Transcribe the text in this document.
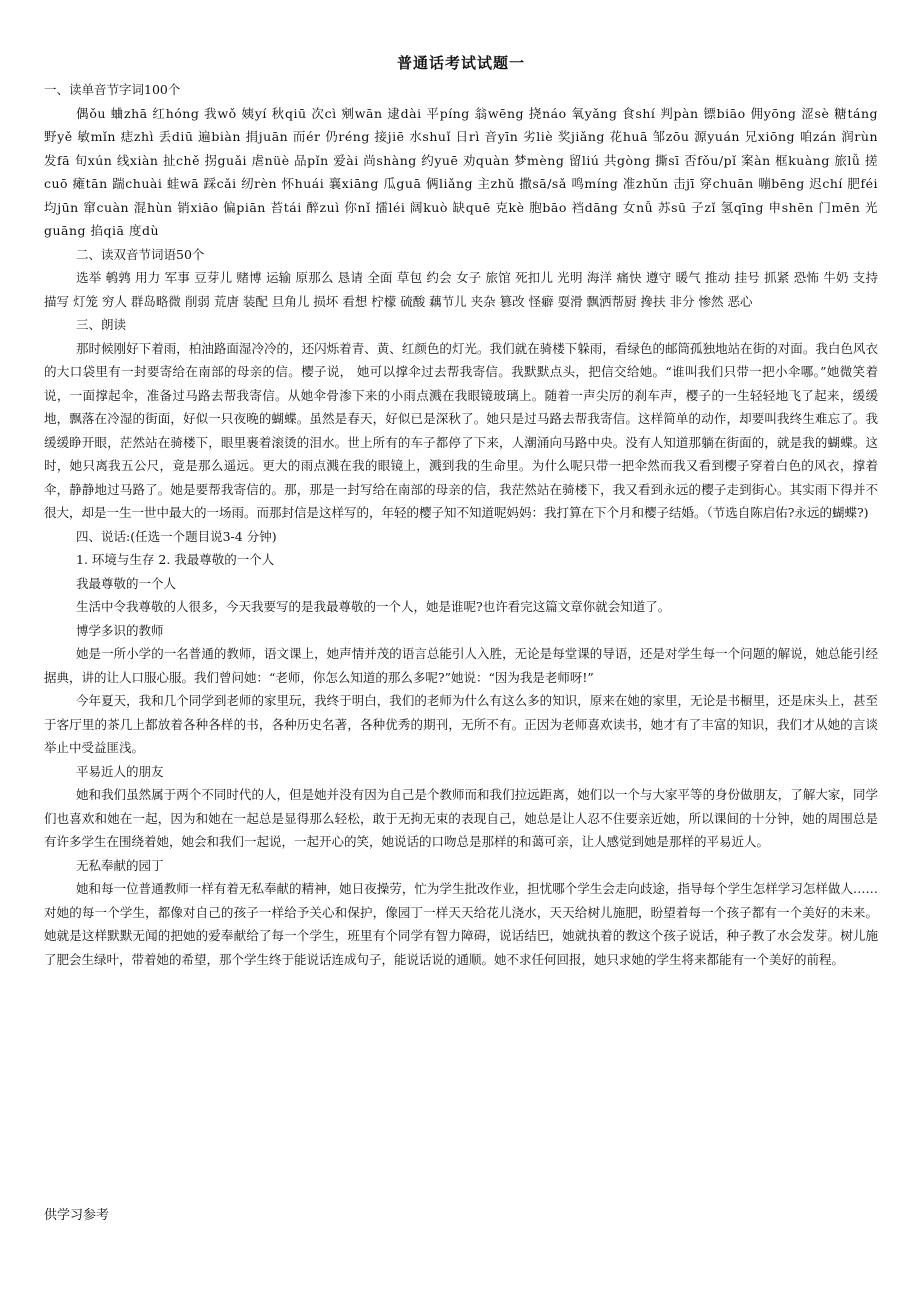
普通话考试试题一
一、读单音节字词100个
偶ǒu 蛐zhā 红hóng 我wǒ 姨yí 秋qiū 次cì 剜wān 逮dài 平píng 翁wēng 挠náo 氧yǎng 食shí 判pàn 镖biāo 佣yōng 涩sè 糖táng 野yě 敏mǐn 痣zhì 丢diū 遍biàn 捐juān 而ér 仍réng 接jiē 水shuǐ 日rì 音yīn 劣liè 奖jiǎng 花huā 邹zōu 源yuán 兄xiōng 咱zán 润rùn 发fā 旬xún 线xiàn 扯chě 拐guǎi 虐nüè 品pǐn 爱ài 尚shàng 约yuē 劝quàn 梦mèng 留liú 共gòng 撕sī 否fǒu/pǐ 案àn 框kuàng 旅lǚ 搓cuō 瘫tān 踹chuài 蛙wā 踩cǎi 纫rèn 怀huái 襄xiāng 瓜guā 俩liǎng 主zhǔ 撒sā/sǎ 鸣míng 准zhǔn 击jī 穿chuān 嘣bēng 迟chí 肥féi 均jūn 窜cuàn 混hùn 销xiāo 偏piān 苔tái 醉zuì 你nǐ 擂léi 阔kuò 缺quē 克kè 胞bāo 裆dāng 女nǚ 苏sū 子zǐ 氢qīng 申shēn 门mēn 光guāng 掐qiā 度dù
二、读双音节词语50个
选举 鹌鹑 用力 军事 豆芽儿 赌博 运输 原那么 恳请 全面 草包 约会 女子 旅馆 死扣儿 光明 海洋 痛快 遵守 暖气 推动 挂号 抓紧 恐怖 牛奶 支持 描写 灯笼 穷人 群岛略微 削弱 荒唐 装配 旦角儿 损坏 看想 柠檬 硫酸 藕节儿 夹杂 篡改 怪癖 耍滑 飘洒帮厨 搀扶 非分 惨然 恶心
三、朗读
那时候刚好下着雨，柏油路面湿冷冷的，还闪烁着青、黄、红颜色的灯光。我们就在骑楼下躲雨，看绿色的邮筒孤独地站在街的对面。我白色风衣的大口袋里有一封要寄给在南部的母亲的信。樱子说， 她可以撑伞过去帮我寄信。我默默点头，把信交给她。“谁叫我们只带一把小伞哪。”她微笑着说，一面撑起伞，准备过马路去帮我寄信。从她伞骨渗下来的小雨点溅在我眼镜玻璃上。随着一声尖厉的刹车声，樱子的一生轻轻地飞了起来，缓缓地，飘落在冷湿的街面，好似一只夜晚的蝴蝶。虽然是春天，好似已是深秋了。她只是过马路去帮我寄信。这样简单的动作，却要叫我终生难忘了。我缓缓睁开眼，茫然站在骑楼下，眼里裹着滚烫的泪水。世上所有的车子都停了下来，人潮涌向马路中央。没有人知道那躺在街面的，就是我的蝴蝶。这时，她只离我五公尺，竟是那么遥远。更大的雨点溅在我的眼镜上，溅到我的生命里。为什么呢只带一把伞然而我又看到樱子穿着白色的风衣，撑着伞，静静地过马路了。她是要帮我寄信的。那，那是一封写给在南部的母亲的信，我茫然站在骑楼下，我又看到永远的樱子走到街心。其实雨下得并不很大，却是一生一世中最大的一场雨。而那封信是这样写的，年轻的樱子知不知道呢妈妈：我打算在下个月和樱子结婚。（节选自陈启佑?永远的蝴蝶?)
四、说话:(任选一个题目说3-4 分钟)
1. 环境与生存 2. 我最尊敬的一个人
我最尊敬的一个人
生活中令我尊敬的人很多，今天我要写的是我最尊敬的一个人，她是谁呢?也许看完这篇文章你就会知道了。
博学多识的教师
她是一所小学的一名普通的教师，语文课上，她声情并茂的语言总能引人入胜，无论是每堂课的导语，还是对学生每一个问题的解说，她总能引经据典，讲的让人口服心服。我们曾问她：“老师，你怎么知道的那么多呢?”她说：“因为我是老师呀!”
今年夏天，我和几个同学到老师的家里玩，我终于明白，我们的老师为什么有这么多的知识，原来在她的家里，无论是书橱里，还是床头上，甚至于客厅里的茶几上都放着各种各样的书，各种历史名著，各种优秀的期刊，无所不有。正因为老师喜欢读书，她才有了丰富的知识，我们才从她的言谈举止中受益匪浅。
平易近人的朋友
她和我们虽然属于两个不同时代的人，但是她并没有因为自己是个教师而和我们拉远距离，她们以一个与大家平等的身份做朋友，了解大家，同学们也喜欢和她在一起，因为和她在一起总是显得那么轻松，敢于无拘无束的表现自己，她总是让人忍不住要亲近她，所以课间的十分钟，她的周围总是有许多学生在围绕着她，她会和我们一起说，一起开心的笑，她说话的口吻总是那样的和蔼可亲，让人感觉到她是那样的平易近人。
无私奉献的园丁
她和每一位普通教师一样有着无私奉献的精神，她日夜操劳，忙为学生批改作业，担忧哪个学生会走向歧途，指导每个学生怎样学习怎样做人……对她的每一个学生，都像对自己的孩子一样给予关心和保护，像园丁一样天天给花儿浇水，天天给树儿施肥，盼望着每一个孩子都有一个美好的未来。她就是这样默默无闻的把她的爱奉献给了每一个学生，班里有个同学有智力障碍，说话结巴，她就执着的教这个孩子说话，种子教了水会发芽。树儿施了肥会生绿叶，带着她的希望，那个学生终于能说话连成句子，能说话说的通顺。她不求任何回报，她只求她的学生将来都能有一个美好的前程。
供学习参考
